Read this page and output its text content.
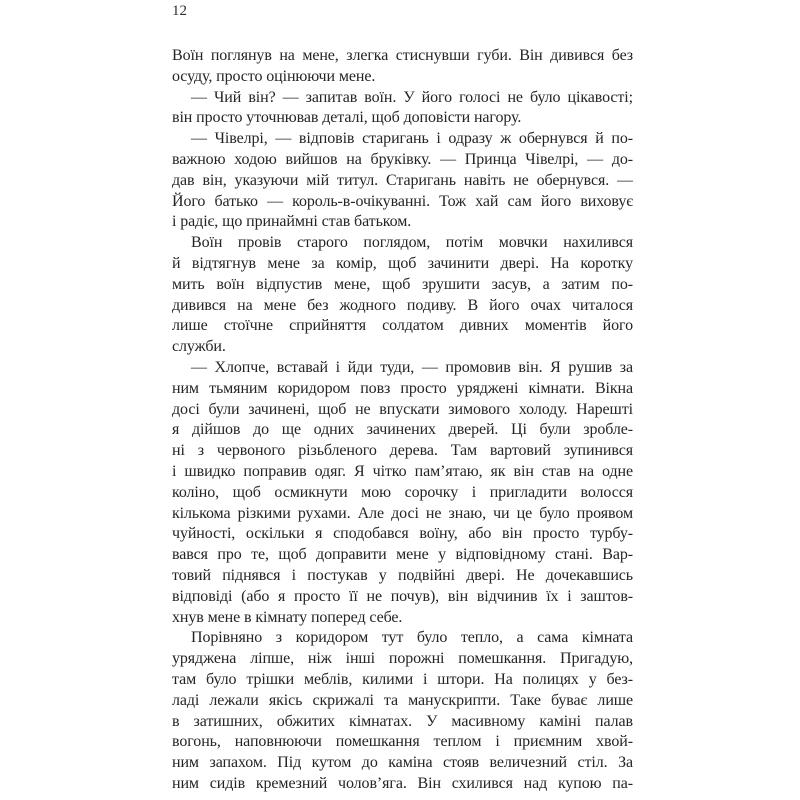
12
Воїн поглянув на мене, злегка стиснувши губи. Він дивився без
осуду, просто оцінюючи мене.
— Чий він? — запитав воїн. У його голосі не було цікавості;
він просто уточнював деталі, щоб доповісти нагору.
— Чівелрі, — відповів старигань і одразу ж обернувся й по-
важною ходою вийшов на бруківку. — Принца Чівелрі, — до-
дав він, указуючи мій титул. Старигань навіть не обернувся. —
Його батько — король-в-очікуванні. Тож хай сам його виховує
і радіє, що принаймні став батьком.
Воїн провів старого поглядом, потім мовчки нахилився
й відтягнув мене за комір, щоб зачинити двері. На коротку
мить воїн відпустив мене, щоб зрушити засув, а затим по-
дивився на мене без жодного подиву. В його очах читалося
лише стоїчне сприйняття солдатом дивних моментів його
служби.
— Хлопче, вставай і йди туди, — промовив він. Я рушив за
ним тьмяним коридором повз просто уряджені кімнати. Вікна
досі були зачинені, щоб не впускати зимового холоду. Нарешті
я дійшов до ще одних зачинених дверей. Ці були зробле-
ні з червоного різьбленого дерева. Там вартовий зупинився
і швидко поправив одяг. Я чітко пам’ятаю, як він став на одне
коліно, щоб осмикнути мою сорочку і пригладити волосся
кількома різкими рухами. Але досі не знаю, чи це було проявом
чуйності, оскільки я сподобався воїну, або він просто турбу-
вався про те, щоб доправити мене у відповідному стані. Вар-
товий піднявся і постукав у подвійні двері. Не дочекавшись
відповіді (або я просто її не почув), він відчинив їх і заштов-
хнув мене в кімнату поперед себе.
Порівняно з коридором тут було тепло, а сама кімната
уряджена ліпше, ніж інші порожні помешкання. Пригадую,
там було трішки меблів, килими і штори. На полицях у без-
ладі лежали якісь скрижалі та манускрипти. Таке буває лише
в затишних, обжитих кімнатах. У масивному каміні палав
вогонь, наповнюючи помешкання теплом і приємним хвой-
ним запахом. Під кутом до каміна стояв величезний стіл. За
ним сидів кремезний чолов’яга. Він схилився над купою па-
